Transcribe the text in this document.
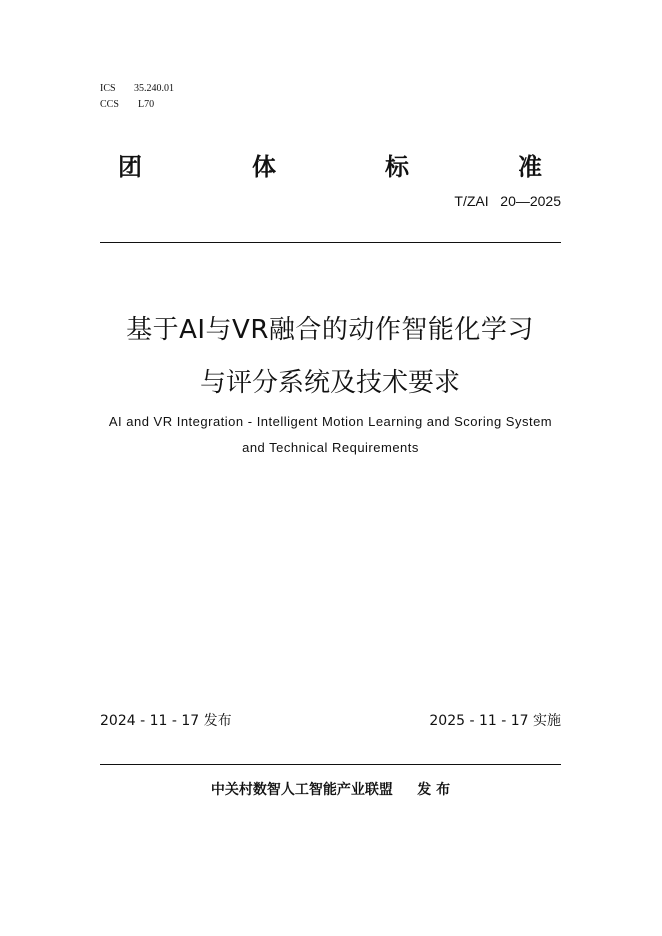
ICS 35.240.01
CCS L70
团	体	标	准
T/ZAI   20—2025
基于AI与VR融合的动作智能化学习
与评分系统及技术要求
AI and VR Integration - Intelligent Motion Learning and Scoring System
and Technical Requirements
2024 - 11 - 17 发布	2025 - 11 - 17 实施
中关村数智人工智能产业联盟     发 布
